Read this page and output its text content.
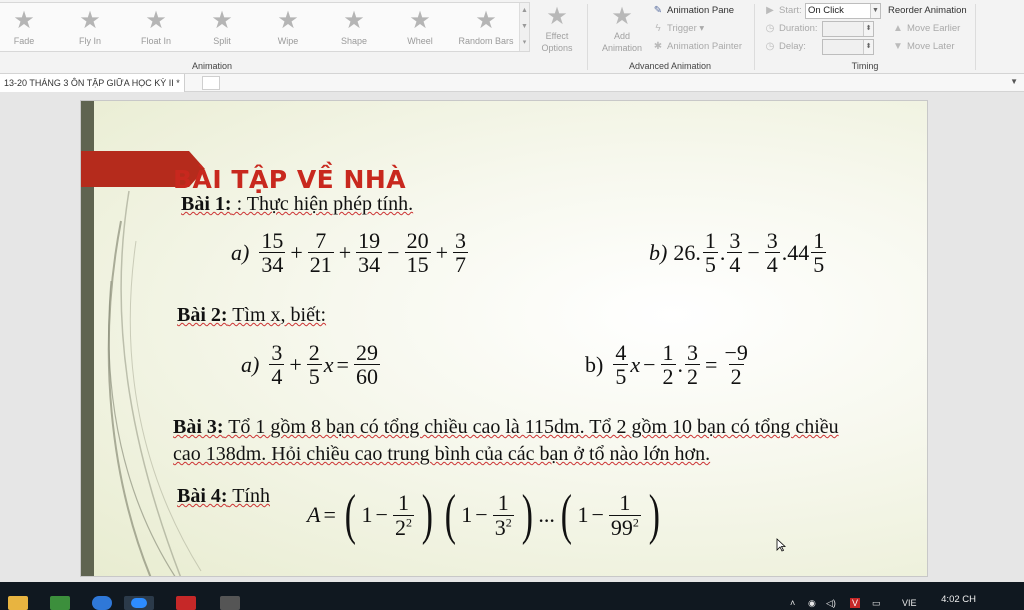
★
Fade
★
Fly In
★
Float In
★
Split
★
Wipe
★
Shape
★
Wheel
★
Random Bars
▲
▼
▾
★
Effect Options
Animation
★
Add Animation
✎ Animation Pane
ϟ Trigger ▾
✱ Animation Painter
Advanced Animation
▶ Start: On Click	▼
◷ Duration:	⬍
◷ Delay:	⬍
Reorder Animation
▲ Move Earlier
▼ Move Later
Timing
13-20 THÁNG 3 ÔN TẬP GIỮA HỌC KỲ II *	▼
BÀI TẬP VỀ NHÀ
Bài 1: : Thực hiện phép tính.
$a) \frac{15}{34} + \frac{7}{21} + \frac{19}{34} - \frac{20}{15} + \frac{3}{7}$	b) 26. $\frac{1}{5}$ . $\frac{3}{4} - \frac{3}{4} .44 \frac{1}{5}$
Bài 2: Tìm x, biết:
$a) \frac{3}{4} + \frac{2}{5}$ $x = \frac{29}{60}$	$b) \frac{4}{5}$ $x - \frac{1}{2}$ . $\frac{3}{2} = \frac{-9}{2}$
Bài 3: Tổ 1 gồm 8 bạn có tổng chiều cao là 115dm. Tổ 2 gồm 10 bạn có tổng chiều
cao 138dm. Hỏi chiều cao trung bình của các bạn ở tổ nào lớn hơn.
Bài 4: Tính
A = ( $1 - \frac{1}{2^2}$ ) ( $1 - \frac{1}{3^2}$ ) ... ( $1 - \frac{1}{99^2}$ )
˄ ◉ ◁) V ▭ VIE	4:02 CH
